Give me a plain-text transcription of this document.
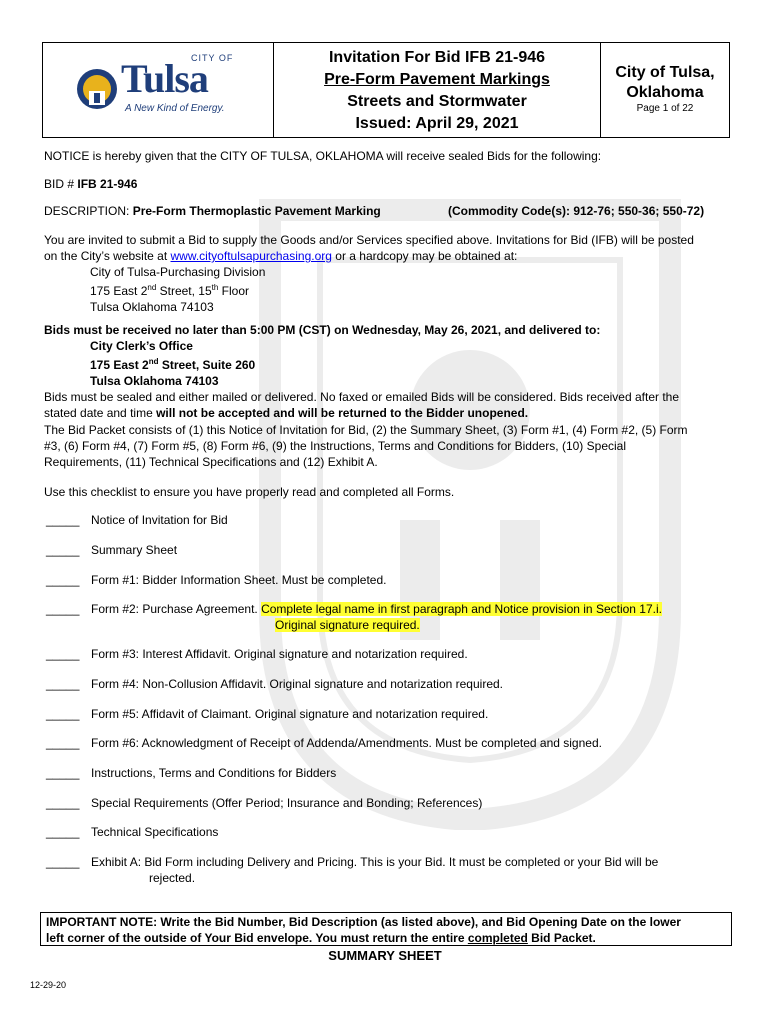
CITY OF
Tulsa
A New Kind of Energy.
Invitation For Bid IFB 21-946
Pre-Form Pavement Markings
Streets and Stormwater
Issued: April 29, 2021
City of Tulsa,
Oklahoma
Page 1 of 22
NOTICE is hereby given that the CITY OF TULSA, OKLAHOMA will receive sealed Bids for the following:
BID # IFB 21-946
DESCRIPTION: Pre-Form Thermoplastic Pavement Marking	(Commodity Code(s): 912-76; 550-36; 550-72)
You are invited to submit a Bid to supply the Goods and/or Services specified above. Invitations for Bid (IFB) will be posted
on the City’s website at www.cityoftulsapurchasing.org or a hardcopy may be obtained at:
City of Tulsa-Purchasing Division
175 East 2nd Street, 15th Floor
Tulsa Oklahoma 74103
Bids must be received no later than 5:00 PM (CST) on Wednesday, May 26, 2021, and delivered to:
City Clerk’s Office
175 East 2nd Street, Suite 260
Tulsa Oklahoma 74103
Bids must be sealed and either mailed or delivered. No faxed or emailed Bids will be considered. Bids received after the
stated date and time will not be accepted and will be returned to the Bidder unopened.
The Bid Packet consists of (1) this Notice of Invitation for Bid, (2) the Summary Sheet, (3) Form #1, (4) Form #2, (5) Form
#3, (6) Form #4, (7) Form #5, (8) Form #6, (9) the Instructions, Terms and Conditions for Bidders, (10) Special
Requirements, (11) Technical Specifications and (12) Exhibit A.
Use this checklist to ensure you have properly read and completed all Forms.
_____ Notice of Invitation for Bid
_____ Summary Sheet
_____ Form #1: Bidder Information Sheet. Must be completed.
_____ Form #2: Purchase Agreement. Complete legal name in first paragraph and Notice provision in Section 17.i.
Original signature required.
_____ Form #3: Interest Affidavit. Original signature and notarization required.
_____ Form #4: Non-Collusion Affidavit. Original signature and notarization required.
_____ Form #5: Affidavit of Claimant. Original signature and notarization required.
_____ Form #6: Acknowledgment of Receipt of Addenda/Amendments. Must be completed and signed.
_____ Instructions, Terms and Conditions for Bidders
_____ Special Requirements (Offer Period; Insurance and Bonding; References)
_____ Technical Specifications
_____ Exhibit A: Bid Form including Delivery and Pricing. This is your Bid. It must be completed or your Bid will be
rejected.
IMPORTANT NOTE: Write the Bid Number, Bid Description (as listed above), and Bid Opening Date on the lower
left corner of the outside of Your Bid envelope. You must return the entire completed Bid Packet.
SUMMARY SHEET
12-29-20
